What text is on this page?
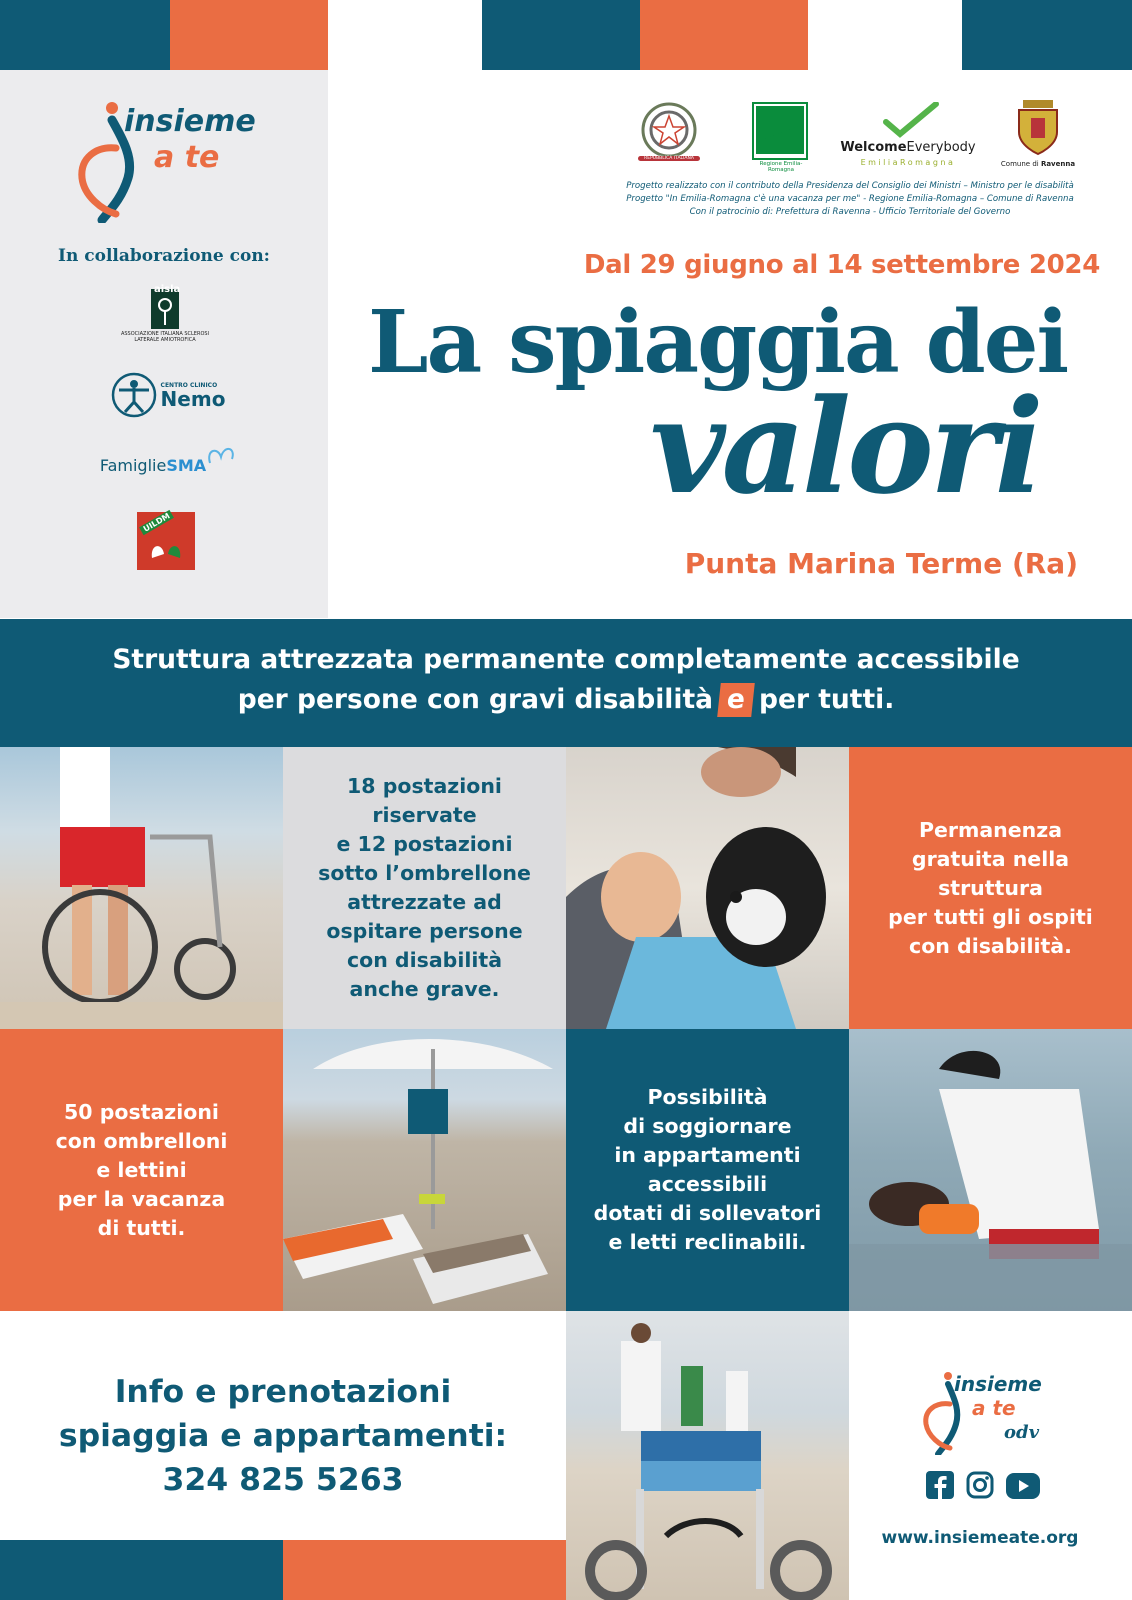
insieme
a te
In collaborazione con:
aisla
ASSOCIAZIONE ITALIANA SCLEROSI LATERALE AMIOTROFICA
CENTRO CLINICO
Nemo
Famiglie SMA
UILDM
REPUBBLICA ITALIANA
Regione Emilia-Romagna
WelcomeEverybody
EmiliaRomagna	Comune di Ravenna
Progetto realizzato con il contributo della Presidenza del Consiglio dei Ministri – Ministro per le disabilità
Progetto "In Emilia-Romagna c'è una vacanza per me" - Regione Emilia-Romagna – Comune di Ravenna
Con il patrocinio di: Prefettura di Ravenna - Ufficio Territoriale del Governo
Dal 29 giugno al 14 settembre 2024
La spiaggia dei
valori
Punta Marina Terme (Ra)
Struttura attrezzata permanente completamente accessibile
per persone con gravi disabilità e per tutti.
18 postazioni
riservate
e 12 postazioni
sotto l’ombrellone
attrezzate ad
ospitare persone
con disabilità
anche grave.
Permanenza
gratuita nella
struttura
per tutti gli ospiti
con disabilità.
50 postazioni
con ombrelloni
e lettini
per la vacanza
di tutti.
Possibilità
di soggiornare
in appartamenti
accessibili
dotati di sollevatori
e letti reclinabili.
Info e prenotazioni
spiaggia e appartamenti:
324 825 5263
insieme
a te
odv
www.insiemeate.org
